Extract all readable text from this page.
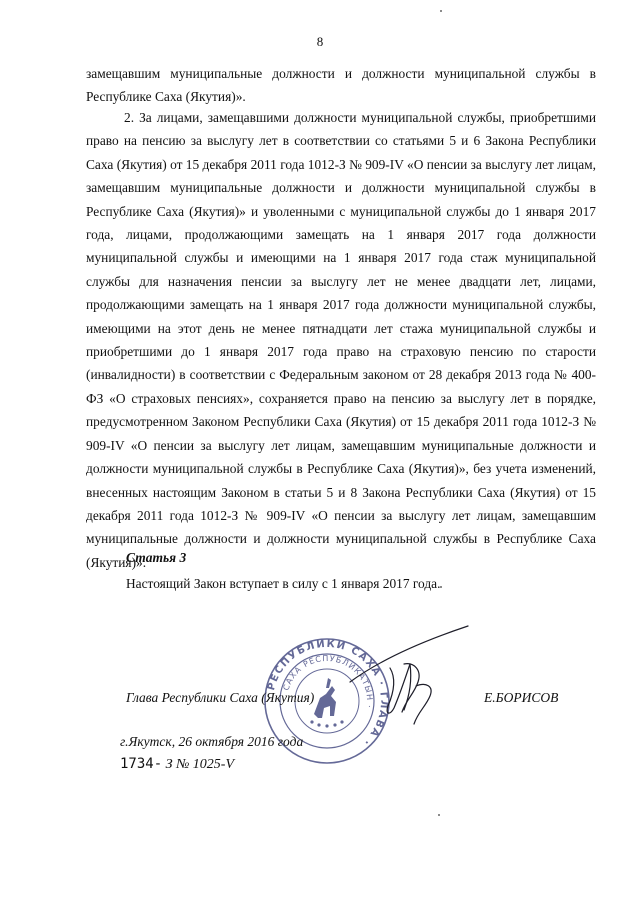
8

замещавшим муниципальные должности и должности муниципальной службы в Республике Саха (Якутия)».

2. За лицами, замещавшими должности муниципальной службы, приобретшими право на пенсию за выслугу лет в соответствии со статьями 5 и 6 Закона Республики Саха (Якутия) от 15 декабря 2011 года 1012-З № 909-IV «О пенсии за выслугу лет лицам, замещавшим муниципальные должности и должности муниципальной службы в Республике Саха (Якутия)» и уволенными с муниципальной службы до 1 января 2017 года, лицами, продолжающими замещать на 1 января 2017 года должности муниципальной службы и имеющими на 1 января 2017 года стаж муниципальной службы для назначения пенсии за выслугу лет не менее двадцати лет, лицами, продолжающими замещать на 1 января 2017 года должности муниципальной службы, имеющими на этот день не менее пятнадцати лет стажа муниципальной службы и приобретшими до 1 января 2017 года право на страховую пенсию по старости (инвалидности) в соответствии с Федеральным законом от 28 декабря 2013 года № 400-ФЗ «О страховых пенсиях», сохраняется право на пенсию за выслугу лет в порядке, предусмотренном Законом Республики Саха (Якутия) от 15 декабря 2011 года 1012-З № 909-IV «О пенсии за выслугу лет лицам, замещавшим муниципальные должности и должности муниципальной службы в Республике Саха (Якутия)», без учета изменений, внесенных настоящим Законом в статьи 5 и 8 Закона Республики Саха (Якутия) от 15 декабря 2011 года 1012-З № 909-IV «О пенсии за выслугу лет лицам, замещавшим муниципальные должности и должности муниципальной службы в Республике Саха (Якутия)».

Статья 3
Настоящий Закон вступает в силу с 1 января 2017 года.
РЕСПУБЛИКИ САХА · ГЛАВА ·
САХА РЕСПУБЛИКАТЫН ·
Глава Республики Саха (Якутия)	Е.БОРИСОВ
г.Якутск, 26 октября 2016 года
1734- З № 1025-V
